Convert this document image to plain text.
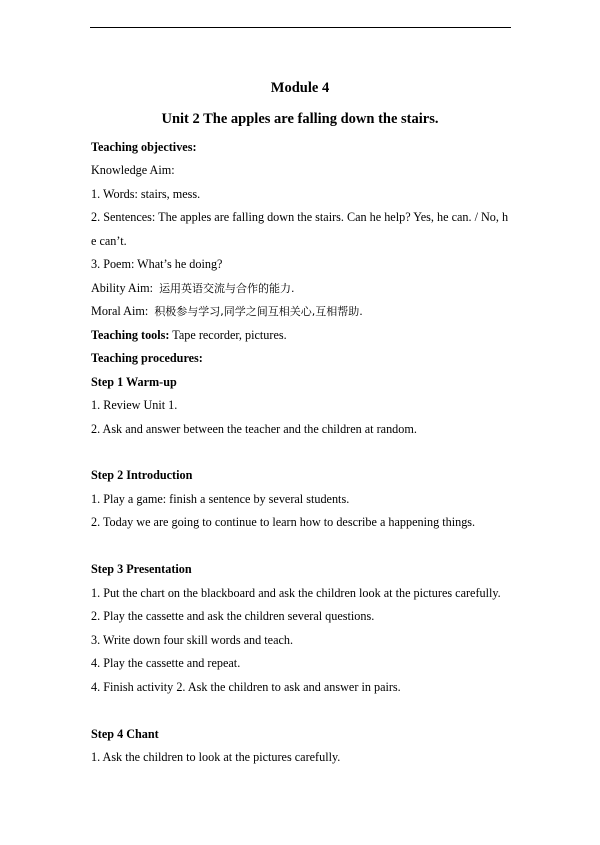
Module 4
Unit 2 The apples are falling down the stairs.
Teaching objectives:
Knowledge Aim:
1. Words: stairs, mess.
2. Sentences: The apples are falling down the stairs. Can he help? Yes, he can. / No, h
e can’t.
3. Poem: What’s he doing?
Ability Aim: 运用英语交流与合作的能力.
Moral Aim: 积极参与学习,同学之间互相关心,互相帮助.
Teaching tools: Tape recorder, pictures.
Teaching procedures:
Step 1 Warm-up
1. Review Unit 1.
2. Ask and answer between the teacher and the children at random.
Step 2 Introduction
1. Play a game: finish a sentence by several students.
2. Today we are going to continue to learn how to describe a happening things.
Step 3 Presentation
1. Put the chart on the blackboard and ask the children look at the pictures carefully.
2. Play the cassette and ask the children several questions.
3. Write down four skill words and teach.
4. Play the cassette and repeat.
4. Finish activity 2. Ask the children to ask and answer in pairs.
Step 4 Chant
1. Ask the children to look at the pictures carefully.
